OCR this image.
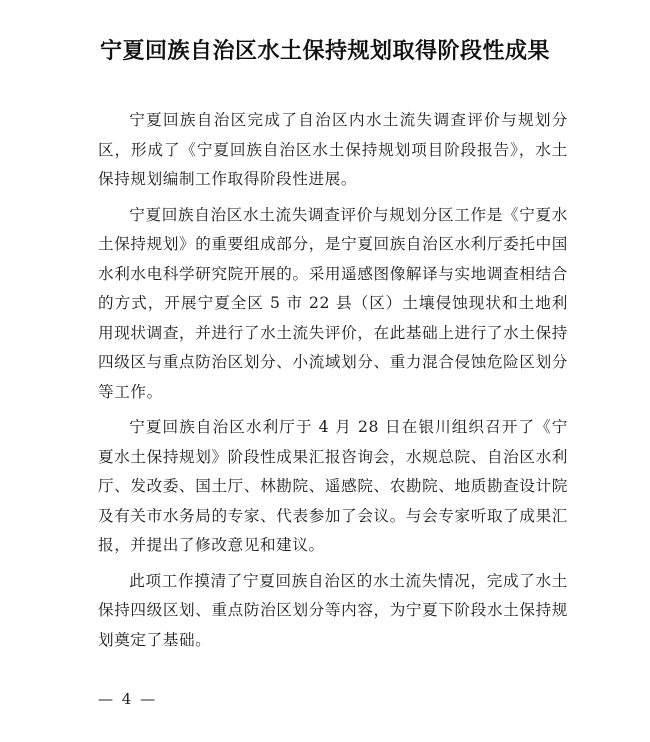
宁夏回族自治区水土保持规划取得阶段性成果

宁夏回族自治区完成了自治区内水土流失调查评价与规划分区，形成了《宁夏回族自治区水土保持规划项目阶段报告》，水土保持规划编制工作取得阶段性进展。

宁夏回族自治区水土流失调查评价与规划分区工作是《宁夏水土保持规划》的重要组成部分，是宁夏回族自治区水利厅委托中国水利水电科学研究院开展的。采用遥感图像解译与实地调查相结合的方式，开展宁夏全区 5 市 22 县（区）土壤侵蚀现状和土地利用现状调查，并进行了水土流失评价，在此基础上进行了水土保持四级区与重点防治区划分、小流域划分、重力混合侵蚀危险区划分等工作。

宁夏回族自治区水利厅于 4 月 28 日在银川组织召开了《宁夏水土保持规划》阶段性成果汇报咨询会，水规总院、自治区水利厅、发改委、国土厅、林勘院、遥感院、农勘院、地质勘查设计院及有关市水务局的专家、代表参加了会议。与会专家听取了成果汇报，并提出了修改意见和建议。

此项工作摸清了宁夏回族自治区的水土流失情况，完成了水土保持四级区划、重点防治区划分等内容，为宁夏下阶段水土保持规划奠定了基础。

— 4 —
